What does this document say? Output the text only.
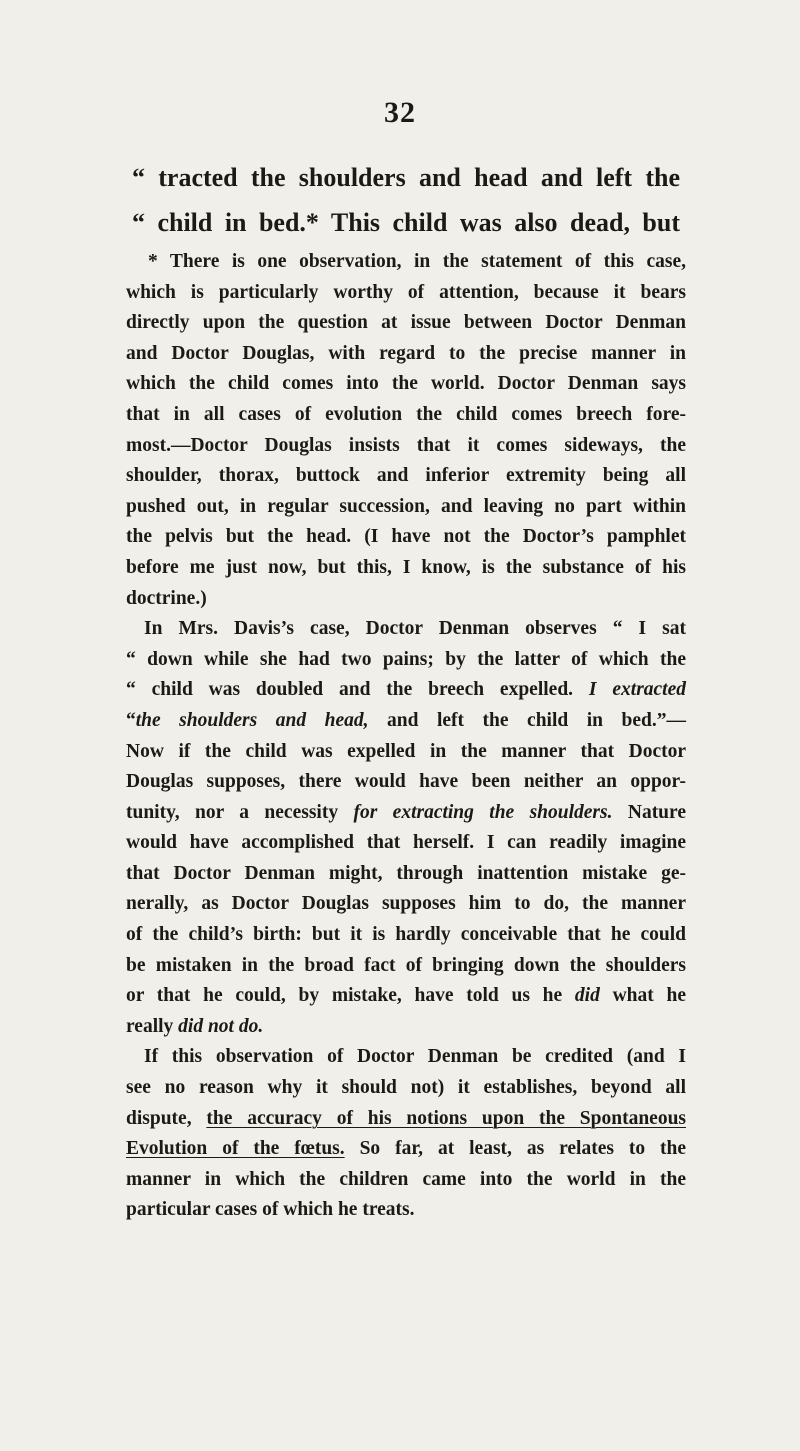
32
“ tracted the shoulders and head and left the
“ child in bed.* This child was also dead, but
* There is one observation, in the statement of this case,
which is particularly worthy of attention, because it bears
directly upon the question at issue between Doctor Denman
and Doctor Douglas, with regard to the precise manner in
which the child comes into the world. Doctor Denman says
that in all cases of evolution the child comes breech fore-
most.—Doctor Douglas insists that it comes sideways, the
shoulder, thorax, buttock and inferior extremity being all
pushed out, in regular succession, and leaving no part within
the pelvis but the head. (I have not the Doctor’s pamphlet
before me just now, but this, I know, is the substance of his
doctrine.)
In Mrs. Davis’s case, Doctor Denman observes “ I sat
“ down while she had two pains; by the latter of which the
“ child was doubled and the breech expelled. I extracted
“the shoulders and head, and left the child in bed.”—
Now if the child was expelled in the manner that Doctor
Douglas supposes, there would have been neither an oppor-
tunity, nor a necessity for extracting the shoulders. Nature
would have accomplished that herself. I can readily imagine
that Doctor Denman might, through inattention mistake ge-
nerally, as Doctor Douglas supposes him to do, the manner
of the child’s birth: but it is hardly conceivable that he could
be mistaken in the broad fact of bringing down the shoulders
or that he could, by mistake, have told us he did what he
really did not do.
If this observation of Doctor Denman be credited (and I
see no reason why it should not) it establishes, beyond all
dispute, the accuracy of his notions upon the Spontaneous
Evolution of the fœtus. So far, at least, as relates to the
manner in which the children came into the world in the
particular cases of which he treats.
